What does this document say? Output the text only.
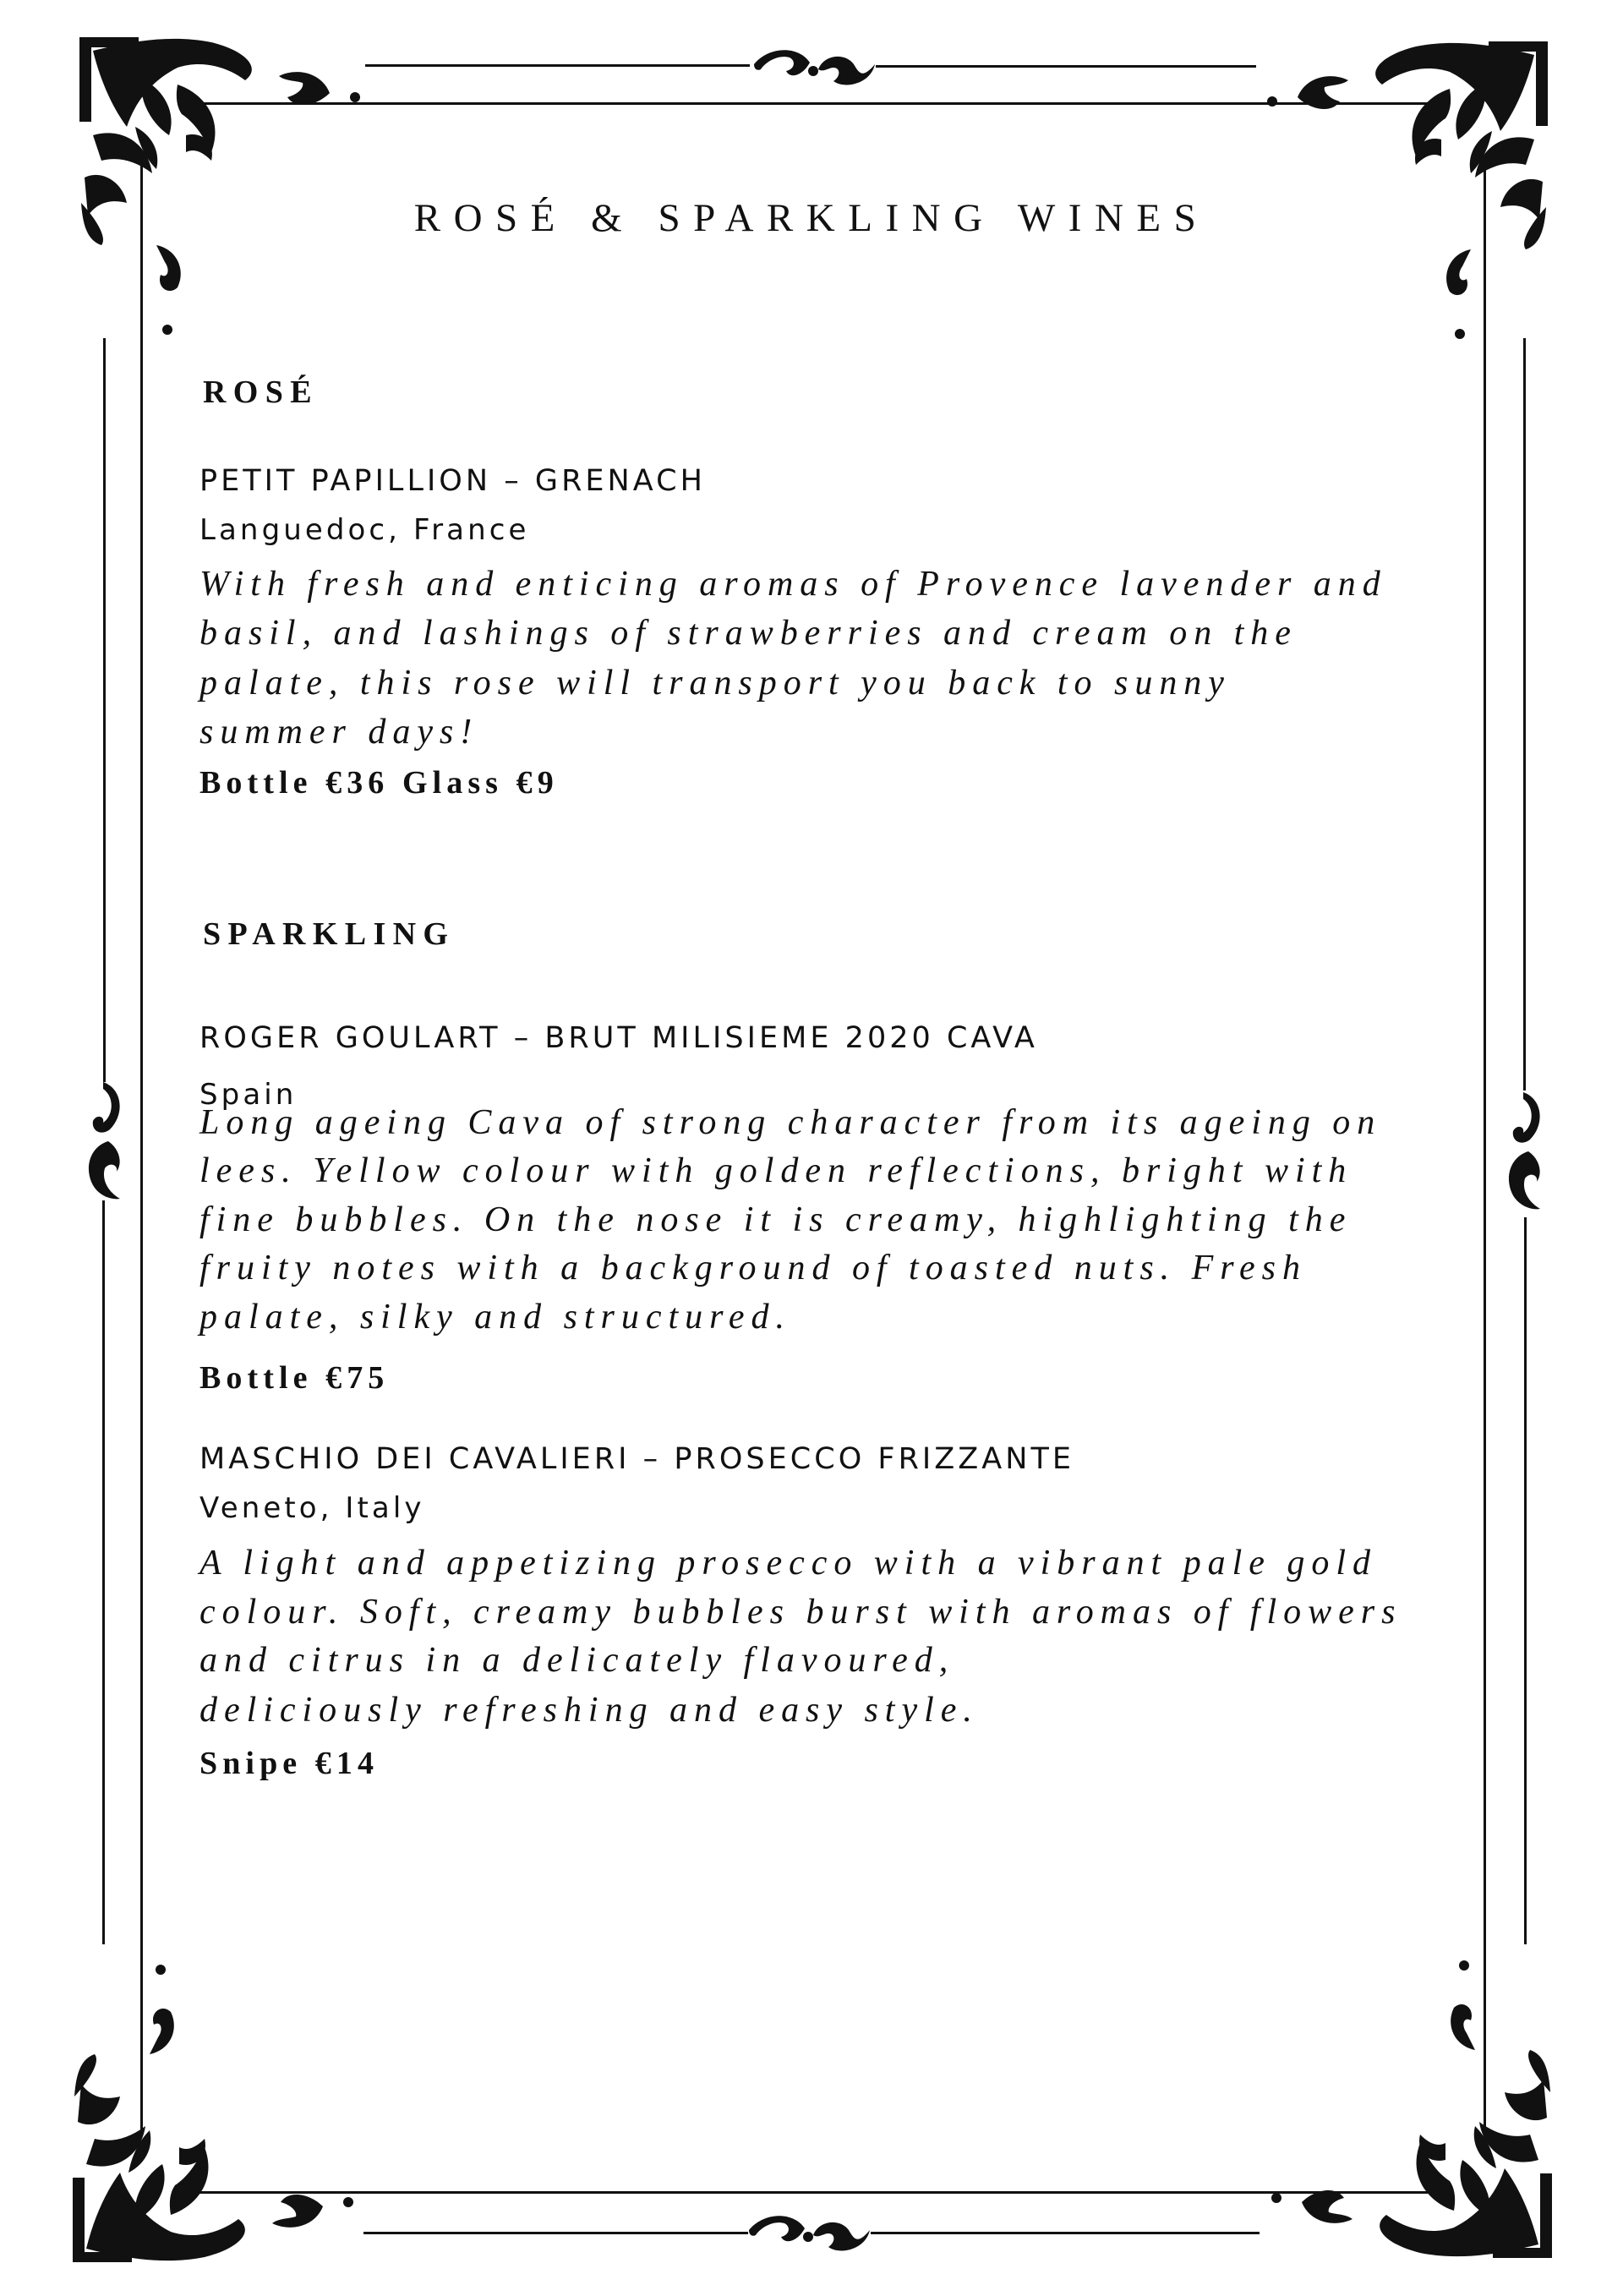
ROSÉ & SPARKLING WINES
ROSÉ
PETIT PAPILLION – GRENACH
Languedoc, France
With fresh and enticing aromas of Provence lavender and
basil, and lashings of strawberries and cream on the
palate, this rose will transport you back to sunny
summer days!
Bottle €36 Glass €9
SPARKLING
ROGER GOULART – BRUT MILISIEME 2020 CAVA
Spain
Long ageing Cava of strong character from its ageing on
lees. Yellow colour with golden reflections, bright with
fine bubbles. On the nose it is creamy, highlighting the
fruity notes with a background of toasted nuts. Fresh
palate, silky and structured.
Bottle €75
MASCHIO DEI CAVALIERI – PROSECCO FRIZZANTE
Veneto, Italy
A light and appetizing prosecco with a vibrant pale gold
colour. Soft, creamy bubbles burst with aromas of flowers
and citrus in a delicately flavoured,
deliciously refreshing and easy style.
Snipe €14
